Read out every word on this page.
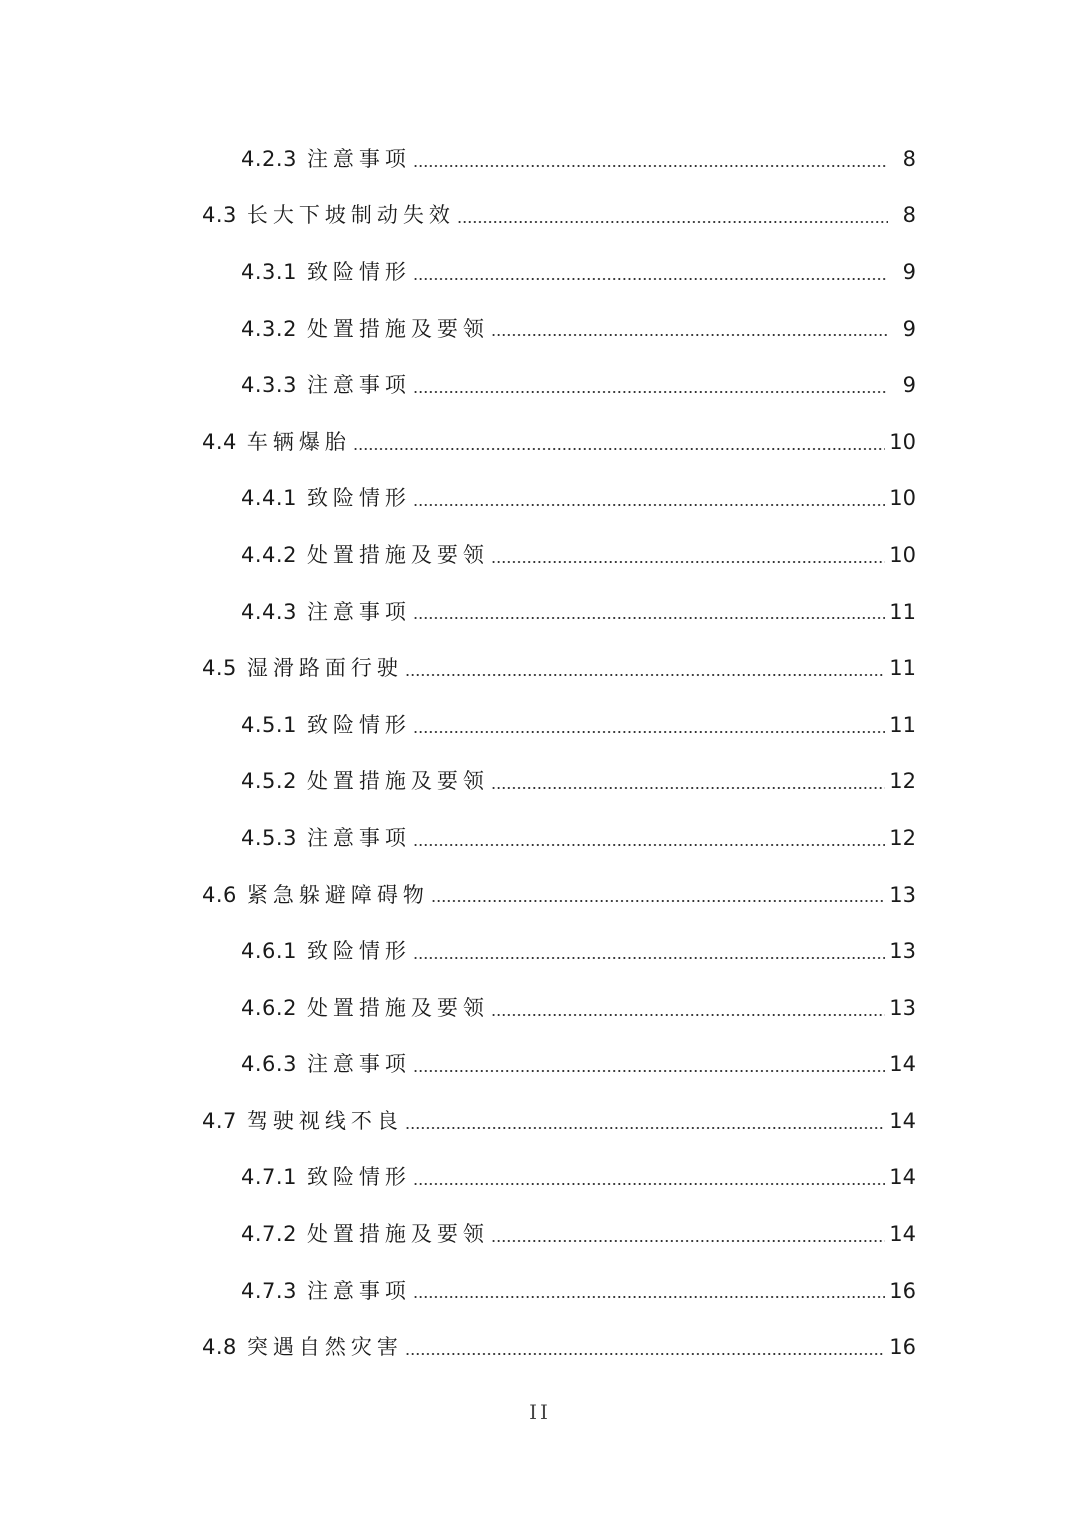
4.2.3 注意事项	8
4.3 长大下坡制动失效	8
4.3.1 致险情形	9
4.3.2 处置措施及要领	9
4.3.3 注意事项	9
4.4 车辆爆胎	10
4.4.1 致险情形	10
4.4.2 处置措施及要领	10
4.4.3 注意事项	11
4.5 湿滑路面行驶	11
4.5.1 致险情形	11
4.5.2 处置措施及要领	12
4.5.3 注意事项	12
4.6 紧急躲避障碍物	13
4.6.1 致险情形	13
4.6.2 处置措施及要领	13
4.6.3 注意事项	14
4.7 驾驶视线不良	14
4.7.1 致险情形	14
4.7.2 处置措施及要领	14
4.7.3 注意事项	16
4.8 突遇自然灾害	16
II
